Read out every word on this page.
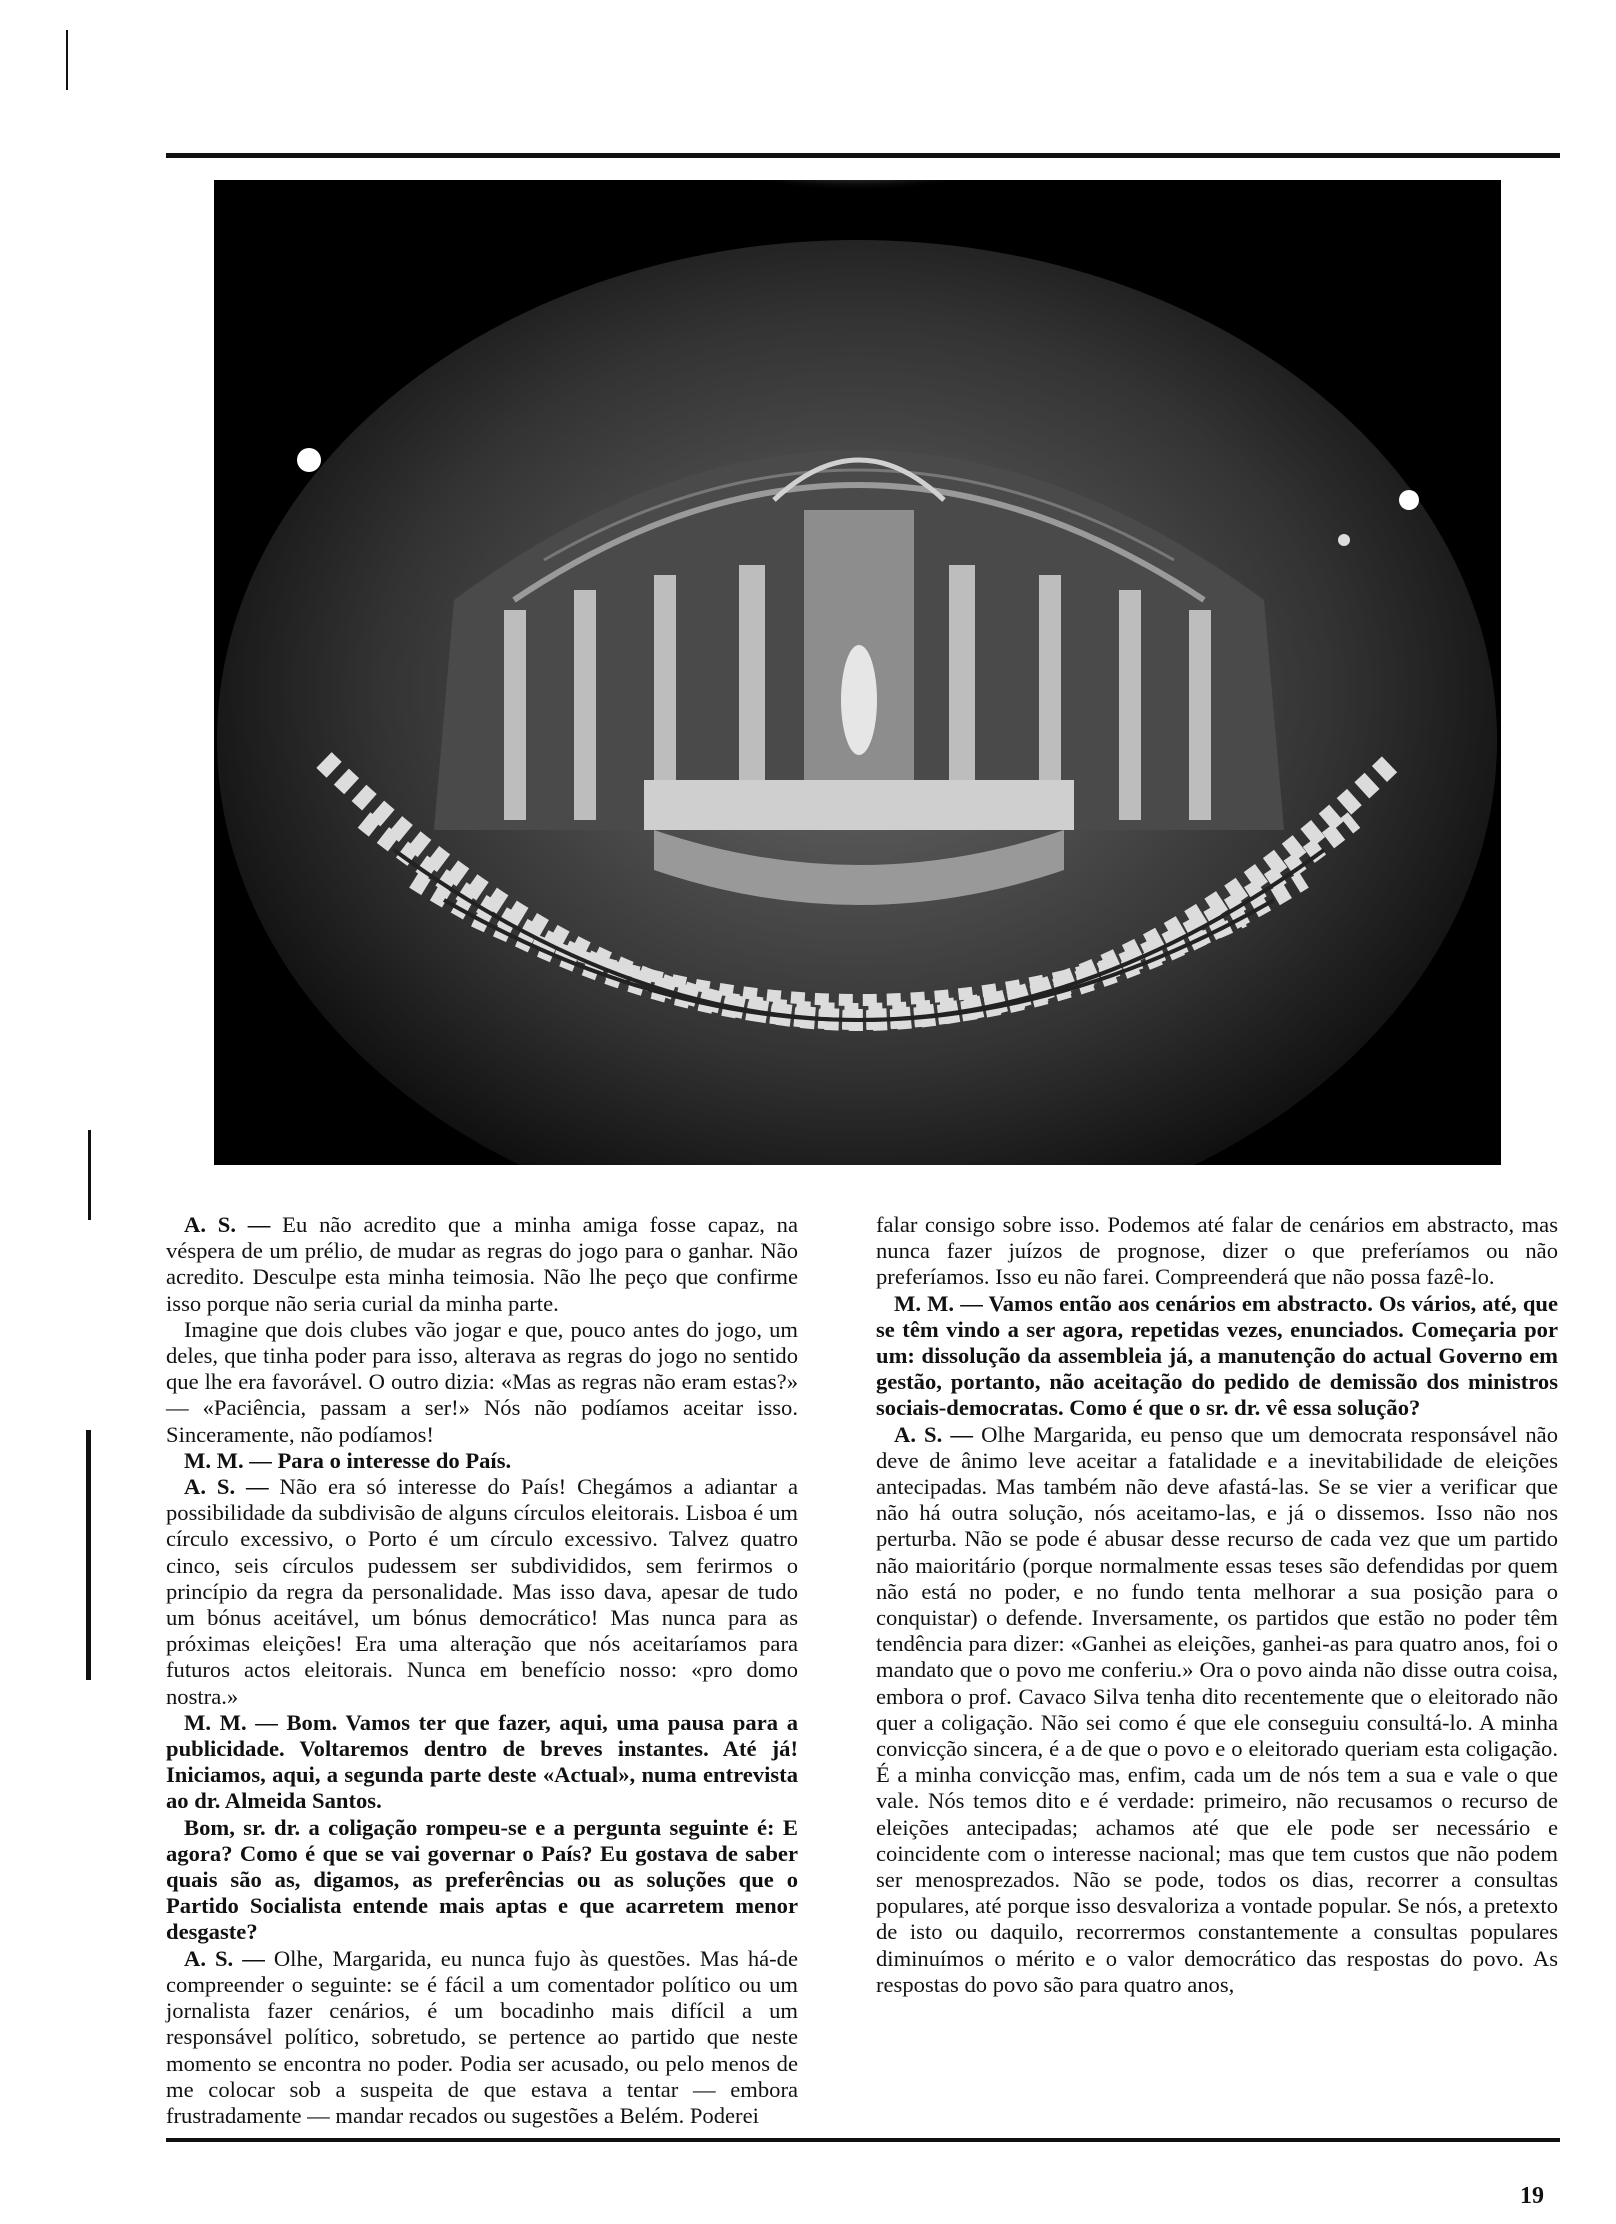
A. S. — Eu não acredito que a minha amiga fosse capaz, na véspera de um prélio, de mudar as regras do jogo para o ganhar. Não acredito. Desculpe esta minha teimosia. Não lhe peço que confirme isso porque não seria curial da minha parte.

Imagine que dois clubes vão jogar e que, pouco antes do jogo, um deles, que tinha poder para isso, alterava as regras do jogo no sentido que lhe era favorável. O outro dizia: «Mas as regras não eram estas?» — «Paciência, passam a ser!» Nós não podíamos aceitar isso. Sinceramente, não podíamos!

M. M. — Para o interesse do País.

A. S. — Não era só interesse do País! Chegámos a adiantar a possibilidade da subdivisão de alguns círculos eleitorais. Lisboa é um círculo excessivo, o Porto é um círculo excessivo. Talvez quatro cinco, seis círculos pudessem ser subdivididos, sem ferirmos o princípio da regra da personalidade. Mas isso dava, apesar de tudo um bónus aceitável, um bónus democrático! Mas nunca para as próximas eleições! Era uma alteração que nós aceitaríamos para futuros actos eleitorais. Nunca em benefício nosso: «pro domo nostra.»

M. M. — Bom. Vamos ter que fazer, aqui, uma pausa para a publicidade. Voltaremos dentro de breves instantes. Até já! Iniciamos, aqui, a segunda parte deste «Actual», numa entrevista ao dr. Almeida Santos.

Bom, sr. dr. a coligação rompeu-se e a pergunta seguinte é: E agora? Como é que se vai governar o País? Eu gostava de saber quais são as, digamos, as preferências ou as soluções que o Partido Socialista entende mais aptas e que acarretem menor desgaste?

A. S. — Olhe, Margarida, eu nunca fujo às questões. Mas há-de compreender o seguinte: se é fácil a um comentador político ou um jornalista fazer cenários, é um bocadinho mais difícil a um responsável político, sobretudo, se pertence ao partido que neste momento se encontra no poder. Podia ser acusado, ou pelo menos de me colocar sob a suspeita de que estava a tentar — embora frustradamente — mandar recados ou sugestões a Belém. Poderei

falar consigo sobre isso. Podemos até falar de cenários em abstracto, mas nunca fazer juízos de prognose, dizer o que preferíamos ou não preferíamos. Isso eu não farei. Compreenderá que não possa fazê-lo.

M. M. — Vamos então aos cenários em abstracto. Os vários, até, que se têm vindo a ser agora, repetidas vezes, enunciados. Começaria por um: dissolução da assembleia já, a manutenção do actual Governo em gestão, portanto, não aceitação do pedido de demissão dos ministros sociais-democratas. Como é que o sr. dr. vê essa solução?

A. S. — Olhe Margarida, eu penso que um democrata responsável não deve de ânimo leve aceitar a fatalidade e a inevitabilidade de eleições antecipadas. Mas também não deve afastá-las. Se se vier a verificar que não há outra solução, nós aceitamo-las, e já o dissemos. Isso não nos perturba. Não se pode é abusar desse recurso de cada vez que um partido não maioritário (porque normalmente essas teses são defendidas por quem não está no poder, e no fundo tenta melhorar a sua posição para o conquistar) o defende. Inversamente, os partidos que estão no poder têm tendência para dizer: «Ganhei as eleições, ganhei-as para quatro anos, foi o mandato que o povo me conferiu.» Ora o povo ainda não disse outra coisa, embora o prof. Cavaco Silva tenha dito recentemente que o eleitorado não quer a coligação. Não sei como é que ele conseguiu consultá-lo. A minha convicção sincera, é a de que o povo e o eleitorado queriam esta coligação. É a minha convicção mas, enfim, cada um de nós tem a sua e vale o que vale. Nós temos dito e é verdade: primeiro, não recusamos o recurso de eleições antecipadas; achamos até que ele pode ser necessário e coincidente com o interesse nacional; mas que tem custos que não podem ser menosprezados. Não se pode, todos os dias, recorrer a consultas populares, até porque isso desvaloriza a vontade popular. Se nós, a pretexto de isto ou daquilo, recorrermos constantemente a consultas populares diminuímos o mérito e o valor democrático das respostas do povo. As respostas do povo são para quatro anos,

19
